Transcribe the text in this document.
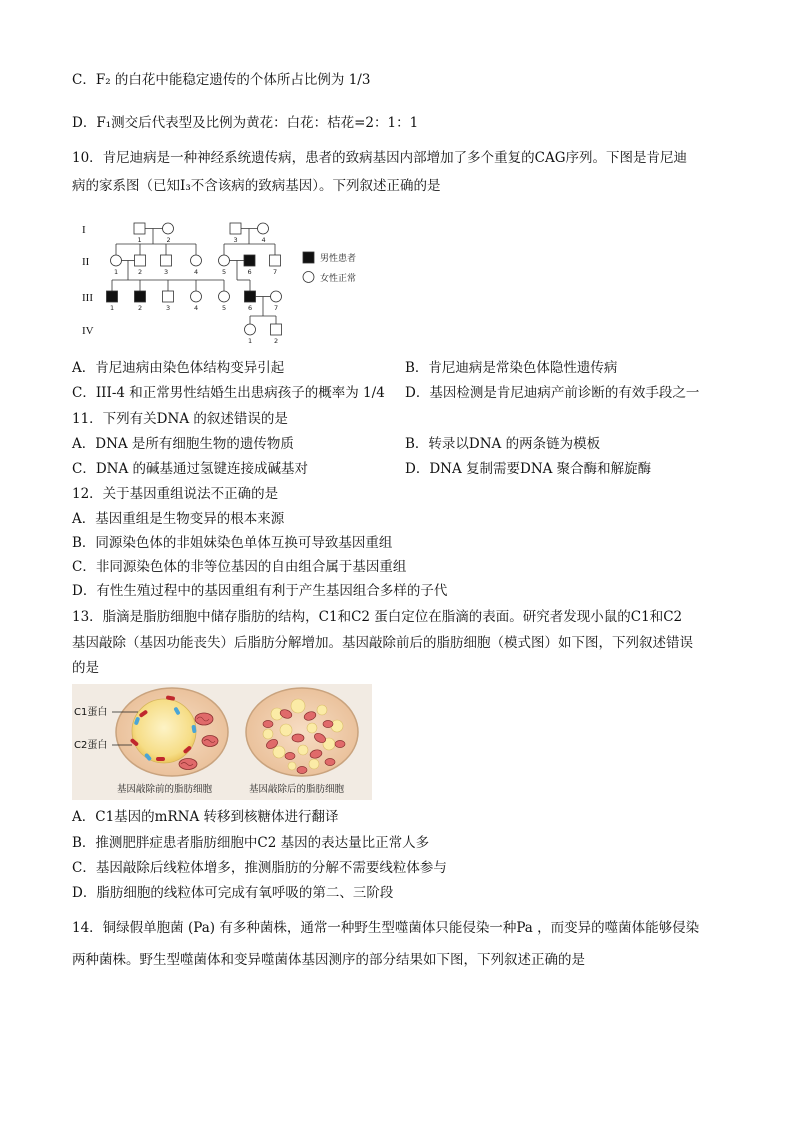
C．F₂ 的白花中能稳定遗传的个体所占比例为 1/3
D．F₁测交后代表型及比例为黄花：白花：桔花=2：1：1
10．肯尼迪病是一种神经系统遗传病，患者的致病基因内部增加了多个重复的CAG序列。下图是肯尼迪
病的家系图（已知I₃不含该病的致病基因）。下列叙述正确的是
I
II
III
IV
1	2	3	4
1	2	3	4	5	6	7
1	2	3	4	5	6	7
1	2
男性患者
女性正常
A．肯尼迪病由染色体结构变异引起	B．肯尼迪病是常染色体隐性遗传病
C．III-4 和正常男性结婚生出患病孩子的概率为 1/4 D．基因检测是肯尼迪病产前诊断的有效手段之一
11．下列有关DNA 的叙述错误的是
A．DNA 是所有细胞生物的遗传物质	B．转录以DNA 的两条链为模板
C．DNA 的碱基通过氢键连接成碱基对	D．DNA 复制需要DNA 聚合酶和解旋酶
12．关于基因重组说法不正确的是
A．基因重组是生物变异的根本来源
B．同源染色体的非姐妹染色单体互换可导致基因重组
C．非同源染色体的非等位基因的自由组合属于基因重组
D．有性生殖过程中的基因重组有利于产生基因组合多样的子代
13．脂滴是脂肪细胞中储存脂肪的结构，C1和C2 蛋白定位在脂滴的表面。研究者发现小鼠的C1和C2
基因敲除（基因功能丧失）后脂肪分解增加。基因敲除前后的脂肪细胞（模式图）如下图，下列叙述错误
的是
C1蛋白
C2蛋白
基因敲除前的脂肪细胞	基因敲除后的脂肪细胞
A．C1基因的mRNA 转移到核糖体进行翻译
B．推测肥胖症患者脂肪细胞中C2 基因的表达量比正常人多
C．基因敲除后线粒体增多，推测脂肪的分解不需要线粒体参与
D．脂肪细胞的线粒体可完成有氧呼吸的第二、三阶段
14．铜绿假单胞菌 (Pa) 有多种菌株，通常一种野生型噬菌体只能侵染一种Pa ，而变异的噬菌体能够侵染
两种菌株。野生型噬菌体和变异噬菌体基因测序的部分结果如下图，下列叙述正确的是
